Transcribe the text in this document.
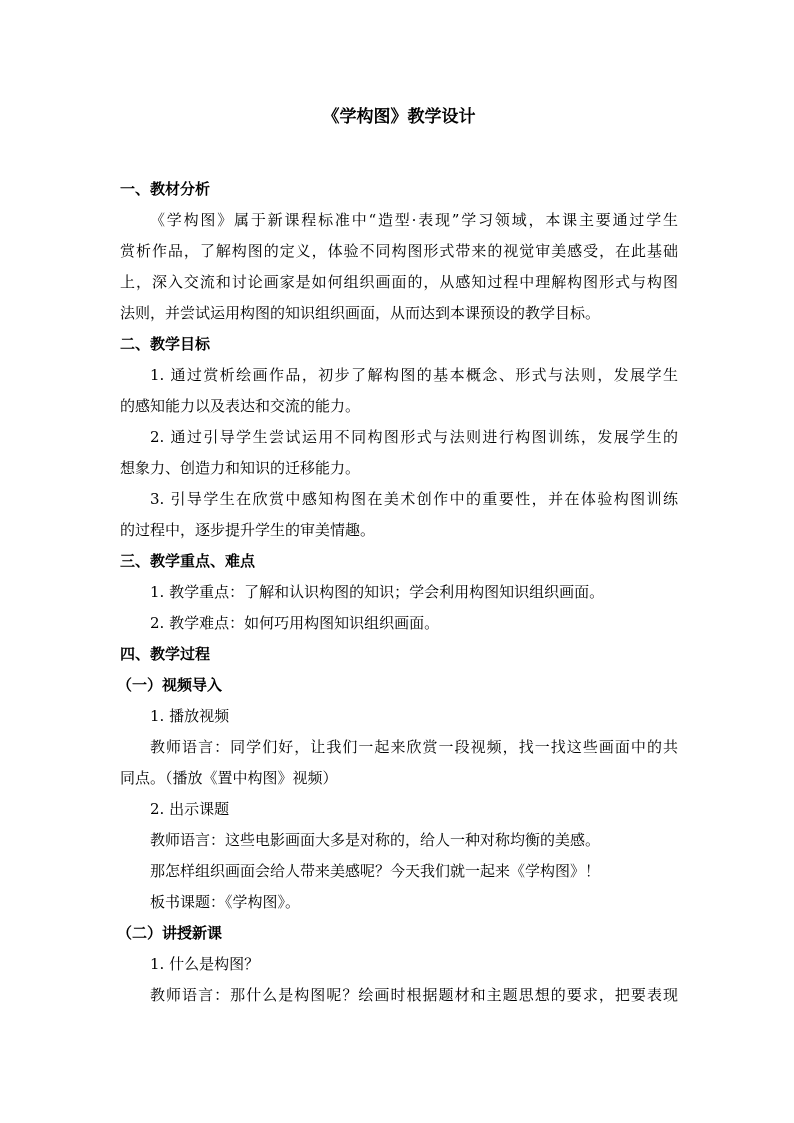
《学构图》教学设计
一、教材分析
《学构图》属于新课程标准中“造型·表现”学习领域，本课主要通过学生
赏析作品，了解构图的定义，体验不同构图形式带来的视觉审美感受，在此基础
上，深入交流和讨论画家是如何组织画面的，从感知过程中理解构图形式与构图
法则，并尝试运用构图的知识组织画面，从而达到本课预设的教学目标。
二、教学目标
1. 通过赏析绘画作品，初步了解构图的基本概念、形式与法则，发展学生
的感知能力以及表达和交流的能力。
2. 通过引导学生尝试运用不同构图形式与法则进行构图训练，发展学生的
想象力、创造力和知识的迁移能力。
3. 引导学生在欣赏中感知构图在美术创作中的重要性，并在体验构图训练
的过程中，逐步提升学生的审美情趣。
三、教学重点、难点
1. 教学重点：了解和认识构图的知识；学会利用构图知识组织画面。
2. 教学难点：如何巧用构图知识组织画面。
四、教学过程
（一）视频导入
1. 播放视频
教师语言：同学们好，让我们一起来欣赏一段视频，找一找这些画面中的共
同点。（播放《置中构图》视频）
2. 出示课题
教师语言：这些电影画面大多是对称的，给人一种对称均衡的美感。
那怎样组织画面会给人带来美感呢？今天我们就一起来《学构图》！
板书课题：《学构图》。
（二）讲授新课
1. 什么是构图？
教师语言：那什么是构图呢？绘画时根据题材和主题思想的要求，把要表现
